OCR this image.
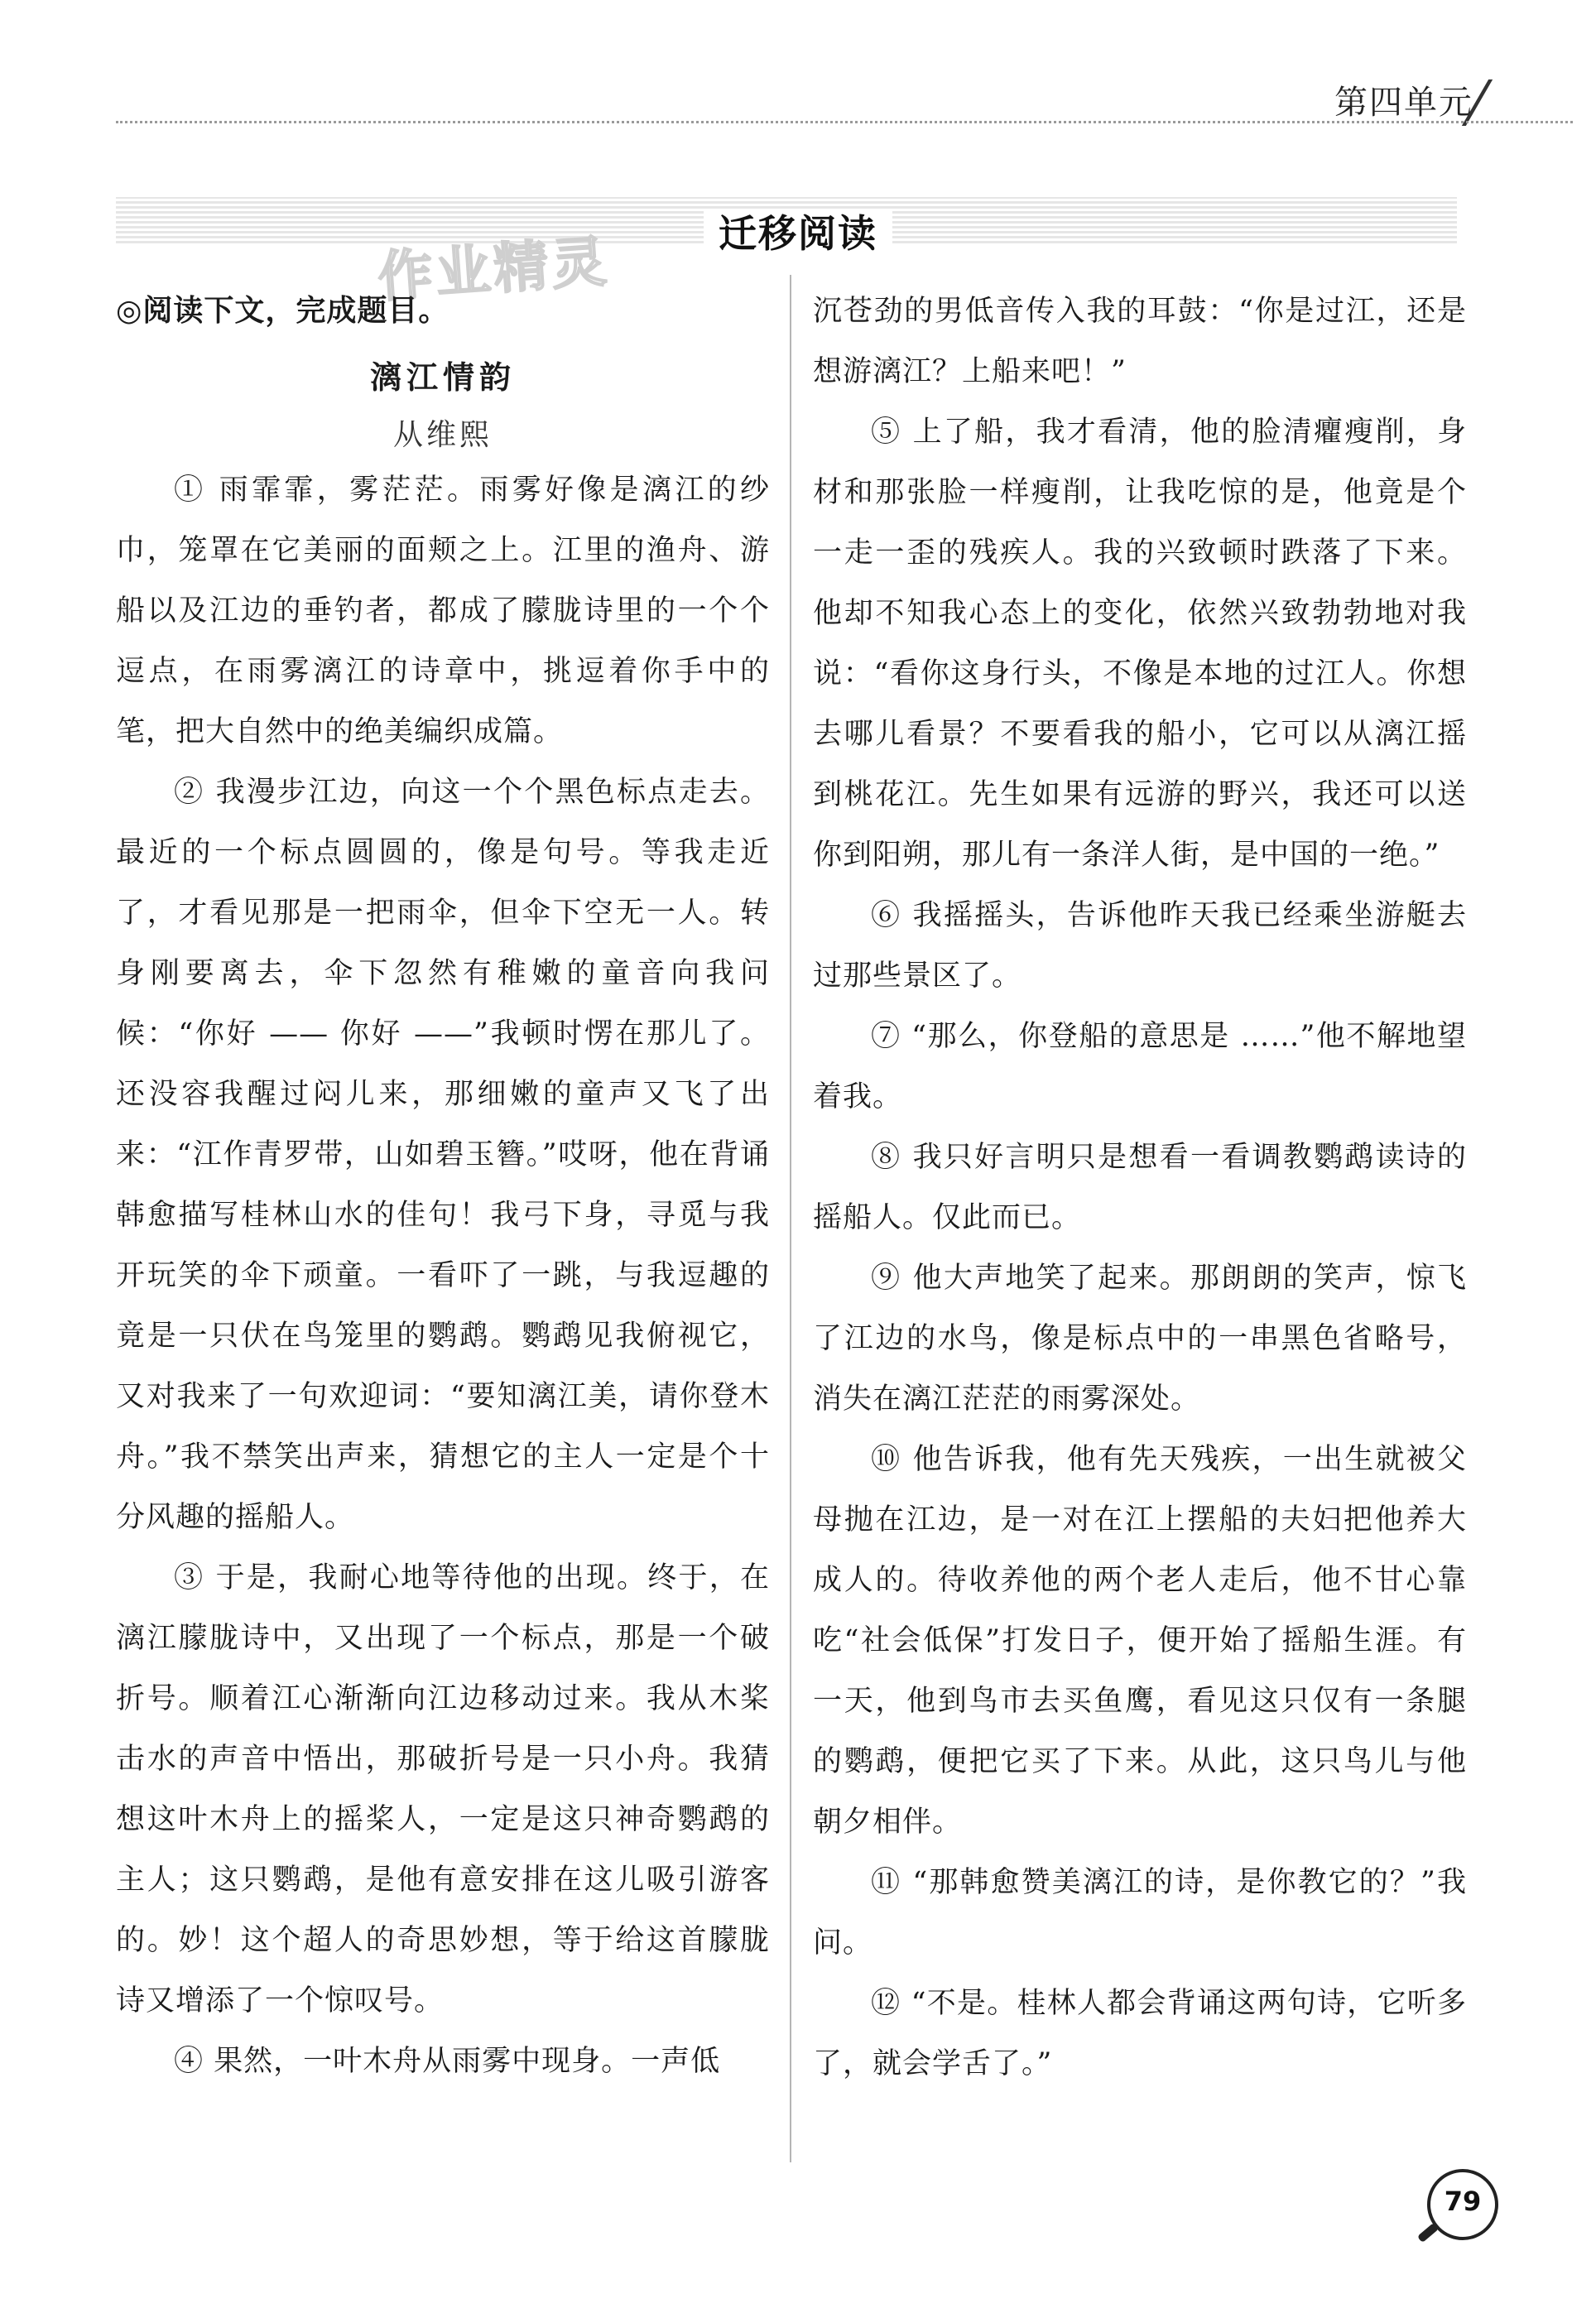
第四单元
迁移阅读
作业精灵
◎阅读下文，完成题目。
漓江情韵
从维熙

① 雨霏霏，雾茫茫。雨雾好像是漓江的纱巾，笼罩在它美丽的面颊之上。江里的渔舟、游船以及江边的垂钓者，都成了朦胧诗里的一个个逗点，在雨雾漓江的诗章中，挑逗着你手中的笔，把大自然中的绝美编织成篇。

② 我漫步江边，向这一个个黑色标点走去。最近的一个标点圆圆的，像是句号。等我走近了，才看见那是一把雨伞，但伞下空无一人。转身刚要离去，伞下忽然有稚嫩的童音向我问候：“你好 —— 你好 ——”我顿时愣在那儿了。还没容我醒过闷儿来，那细嫩的童声又飞了出来：“江作青罗带，山如碧玉簪。”哎呀，他在背诵韩愈描写桂林山水的佳句！我弓下身，寻觅与我开玩笑的伞下顽童。一看吓了一跳，与我逗趣的竟是一只伏在鸟笼里的鹦鹉。鹦鹉见我俯视它，又对我来了一句欢迎词：“要知漓江美，请你登木舟。”我不禁笑出声来，猜想它的主人一定是个十分风趣的摇船人。

③ 于是，我耐心地等待他的出现。终于，在漓江朦胧诗中，又出现了一个标点，那是一个破折号。顺着江心渐渐向江边移动过来。我从木桨击水的声音中悟出，那破折号是一只小舟。我猜想这叶木舟上的摇桨人，一定是这只神奇鹦鹉的主人；这只鹦鹉，是他有意安排在这儿吸引游客的。妙！这个超人的奇思妙想，等于给这首朦胧诗又增添了一个惊叹号。

④ 果然，一叶木舟从雨雾中现身。一声低

沉苍劲的男低音传入我的耳鼓：“你是过江，还是想游漓江？上船来吧！”

⑤ 上了船，我才看清，他的脸清癯瘦削，身材和那张脸一样瘦削，让我吃惊的是，他竟是个一走一歪的残疾人。我的兴致顿时跌落了下来。他却不知我心态上的变化，依然兴致勃勃地对我说：“看你这身行头，不像是本地的过江人。你想去哪儿看景？不要看我的船小，它可以从漓江摇到桃花江。先生如果有远游的野兴，我还可以送你到阳朔，那儿有一条洋人街，是中国的一绝。”

⑥ 我摇摇头，告诉他昨天我已经乘坐游艇去过那些景区了。

⑦ “那么，你登船的意思是 ……”他不解地望着我。

⑧ 我只好言明只是想看一看调教鹦鹉读诗的摇船人。仅此而已。

⑨ 他大声地笑了起来。那朗朗的笑声，惊飞了江边的水鸟，像是标点中的一串黑色省略号，消失在漓江茫茫的雨雾深处。

⑩ 他告诉我，他有先天残疾，一出生就被父母抛在江边，是一对在江上摆船的夫妇把他养大成人的。待收养他的两个老人走后，他不甘心靠吃“社会低保”打发日子，便开始了摇船生涯。有一天，他到鸟市去买鱼鹰，看见这只仅有一条腿的鹦鹉，便把它买了下来。从此，这只鸟儿与他朝夕相伴。

⑪ “那韩愈赞美漓江的诗，是你教它的？”我问。

⑫ “不是。桂林人都会背诵这两句诗，它听多了，就会学舌了。”

79
